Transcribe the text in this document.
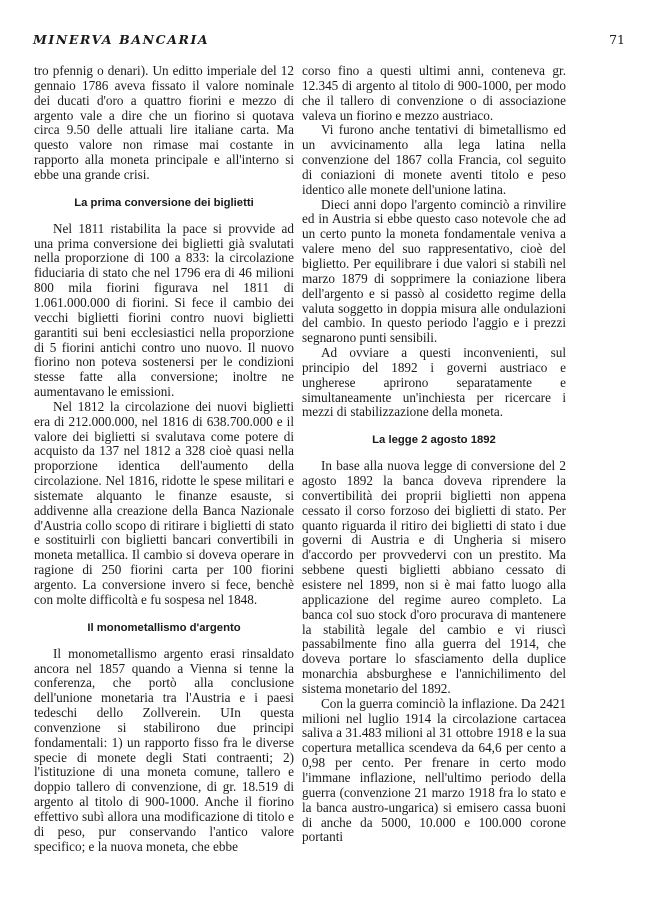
MINERVA BANCARIA	71

tro pfennig o denari). Un editto imperiale del 12 gennaio 1786 aveva fissato il valore nominale dei ducati d'oro a quattro fiorini e mezzo di argento vale a dire che un fiorino si quotava circa 9.50 delle attuali lire italiane carta. Ma questo valore non rimase mai costante in rapporto alla moneta principale e all'interno si ebbe una grande crisi.

La prima conversione dei biglietti

Nel 1811 ristabilita la pace si provvide ad una prima conversione dei biglietti già svalutati nella proporzione di 100 a 833: la circolazione fiduciaria di stato che nel 1796 era di 46 milioni 800 mila fiorini figurava nel 1811 di 1.061.000.000 di fiorini. Si fece il cambio dei vecchi biglietti fiorini contro nuovi biglietti garantiti sui beni ecclesiastici nella proporzione di 5 fiorini antichi contro uno nuovo. Il nuovo fiorino non poteva sostenersi per le condizioni stesse fatte alla conversione; inoltre ne aumentavano le emissioni.

Nel 1812 la circolazione dei nuovi biglietti era di 212.000.000, nel 1816 di 638.700.000 e il valore dei biglietti si svalutava come potere di acquisto da 137 nel 1812 a 328 cioè quasi nella proporzione identica dell'aumento della circolazione. Nel 1816, ridotte le spese militari e sistemate alquanto le finanze esauste, si addivenne alla creazione della Banca Nazionale d'Austria collo scopo di ritirare i biglietti di stato e sostituirli con biglietti bancari convertibili in moneta metallica. Il cambio si doveva operare in ragione di 250 fiorini carta per 100 fiorini argento. La conversione invero si fece, benchè con molte difficoltà e fu sospesa nel 1848.

Il monometallismo d'argento

Il monometallismo argento erasi rinsaldato ancora nel 1857 quando a Vienna si tenne la conferenza, che portò alla conclusione dell'unione monetaria tra l'Austria e i paesi tedeschi dello Zollverein. UIn questa convenzione si stabilirono due principi fondamentali: 1) un rapporto fisso fra le diverse specie di monete degli Stati contraenti; 2) l'istituzione di una moneta comune, tallero e doppio tallero di convenzione, di gr. 18.519 di argento al titolo di 900-1000. Anche il fiorino effettivo subì allora una modificazione di titolo e di peso, pur conservando l'antico valore specifico; e la nuova moneta, che ebbe

corso fino a questi ultimi anni, conteneva gr. 12.345 di argento al titolo di 900-1000, per modo che il tallero di convenzione o di associazione valeva un fiorino e mezzo austriaco.

Vi furono anche tentativi di bimetallismo ed un avvicinamento alla lega latina nella convenzione del 1867 colla Francia, col seguito di coniazioni di monete aventi titolo e peso identico alle monete dell'unione latina.

Dieci anni dopo l'argento cominciò a rinvilire ed in Austria si ebbe questo caso notevole che ad un certo punto la moneta fondamentale veniva a valere meno del suo rappresentativo, cioè del biglietto. Per equilibrare i due valori si stabilì nel marzo 1879 di sopprimere la coniazione libera dell'argento e si passò al cosidetto regime della valuta soggetto in doppia misura alle ondulazioni del cambio. In questo periodo l'aggio e i prezzi segnarono punti sensibili.

Ad ovviare a questi inconvenienti, sul principio del 1892 i governi austriaco e ungherese aprirono separatamente e simultaneamente un'inchiesta per ricercare i mezzi di stabilizzazione della moneta.

La legge 2 agosto 1892

In base alla nuova legge di conversione del 2 agosto 1892 la banca doveva riprendere la convertibilità dei proprii biglietti non appena cessato il corso forzoso dei biglietti di stato. Per quanto riguarda il ritiro dei biglietti di stato i due governi di Austria e di Ungheria si misero d'accordo per provvedervi con un prestito. Ma sebbene questi biglietti abbiano cessato di esistere nel 1899, non si è mai fatto luogo alla applicazione del regime aureo completo. La banca col suo stock d'oro procurava di mantenere la stabilità legale del cambio e vi riuscì passabilmente fino alla guerra del 1914, che doveva portare lo sfasciamento della duplice monarchia absburghese e l'annichilimento del sistema monetario del 1892.

Con la guerra cominciò la inflazione. Da 2421 milioni nel luglio 1914 la circolazione cartacea saliva a 31.483 milioni al 31 ottobre 1918 e la sua copertura metallica scendeva da 64,6 per cento a 0,98 per cento. Per frenare in certo modo l'immane inflazione, nell'ultimo periodo della guerra (convenzione 21 marzo 1918 fra lo stato e la banca austro-ungarica) si emisero cassa buoni di anche da 5000, 10.000 e 100.000 corone portanti
